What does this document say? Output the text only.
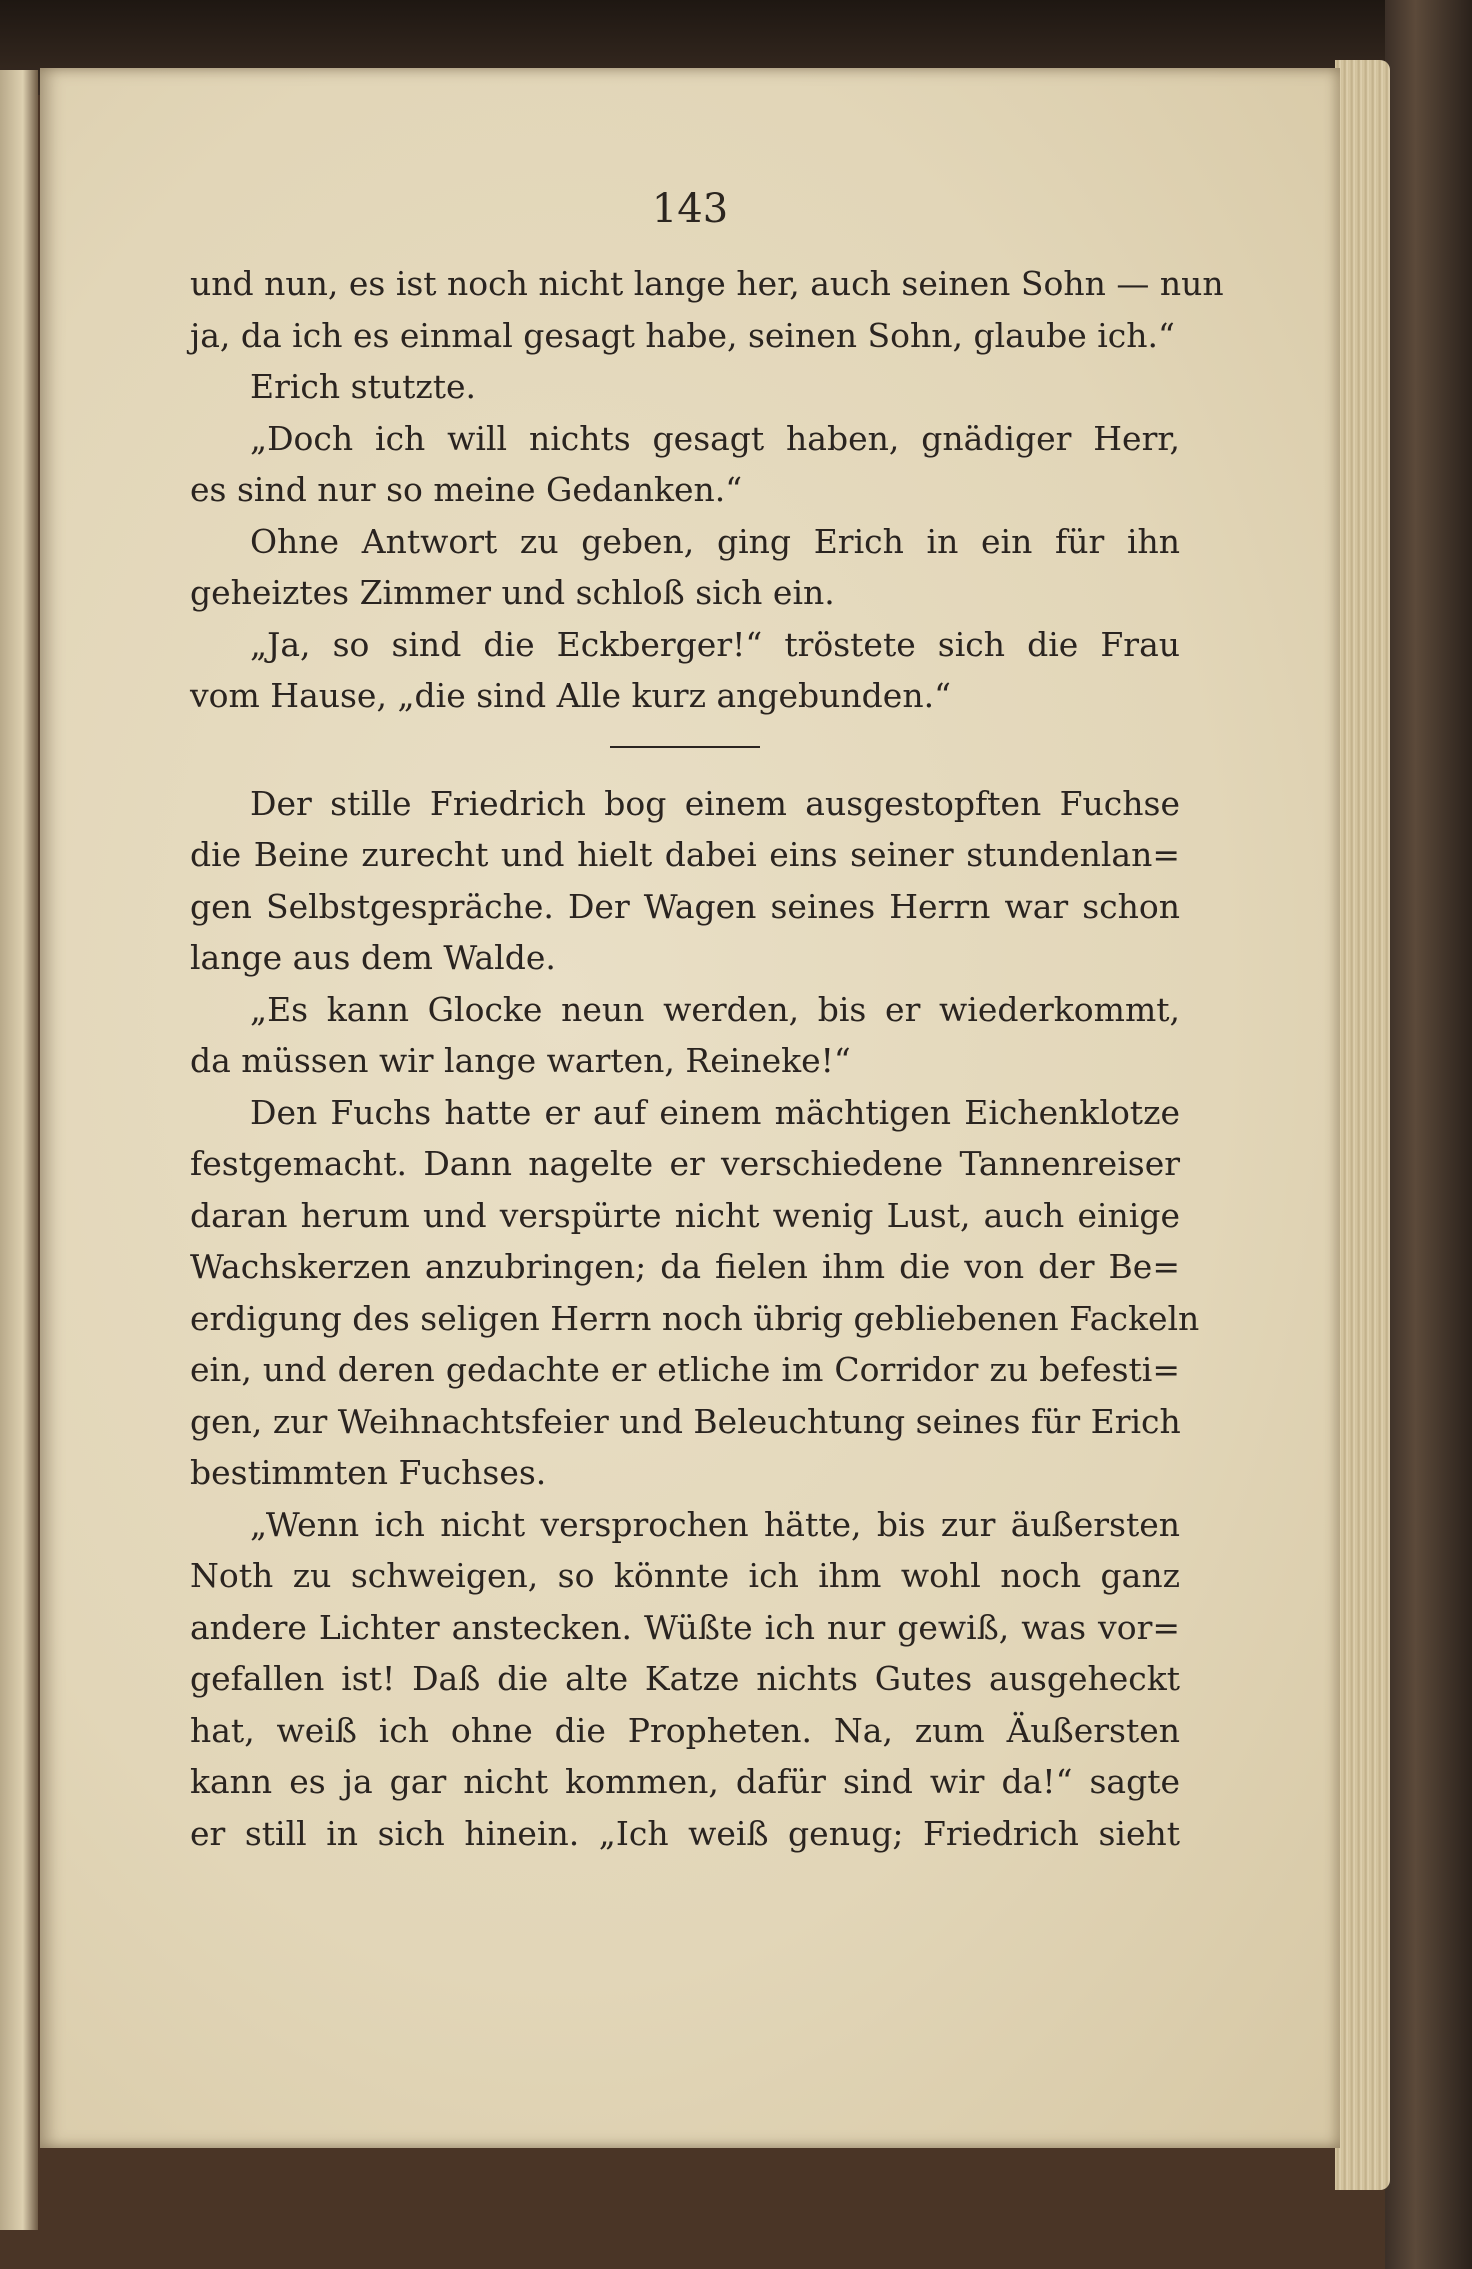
143
und nun, es ist noch nicht lange her, auch seinen Sohn — nun
ja, da ich es einmal gesagt habe, seinen Sohn, glaube ich.“
Erich stutzte.
„Doch ich will nichts gesagt haben, gnädiger Herr,
es sind nur so meine Gedanken.“
Ohne Antwort zu geben, ging Erich in ein für ihn
geheiztes Zimmer und schloß sich ein.
„Ja, so sind die Eckberger!“ tröstete sich die Frau
vom Hause, „die sind Alle kurz angebunden.“
Der stille Friedrich bog einem ausgestopften Fuchse
die Beine zurecht und hielt dabei eins seiner stundenlan=
gen Selbstgespräche. Der Wagen seines Herrn war schon
lange aus dem Walde.
„Es kann Glocke neun werden, bis er wiederkommt,
da müssen wir lange warten, Reineke!“
Den Fuchs hatte er auf einem mächtigen Eichenklotze
festgemacht. Dann nagelte er verschiedene Tannenreiser
daran herum und verspürte nicht wenig Lust, auch einige
Wachskerzen anzubringen; da fielen ihm die von der Be=
erdigung des seligen Herrn noch übrig gebliebenen Fackeln
ein, und deren gedachte er etliche im Corridor zu befesti=
gen, zur Weihnachtsfeier und Beleuchtung seines für Erich
bestimmten Fuchses.
„Wenn ich nicht versprochen hätte, bis zur äußersten
Noth zu schweigen, so könnte ich ihm wohl noch ganz
andere Lichter anstecken. Wüßte ich nur gewiß, was vor=
gefallen ist! Daß die alte Katze nichts Gutes ausgeheckt
hat, weiß ich ohne die Propheten. Na, zum Äußersten
kann es ja gar nicht kommen, dafür sind wir da!“ sagte
er still in sich hinein. „Ich weiß genug; Friedrich sieht
